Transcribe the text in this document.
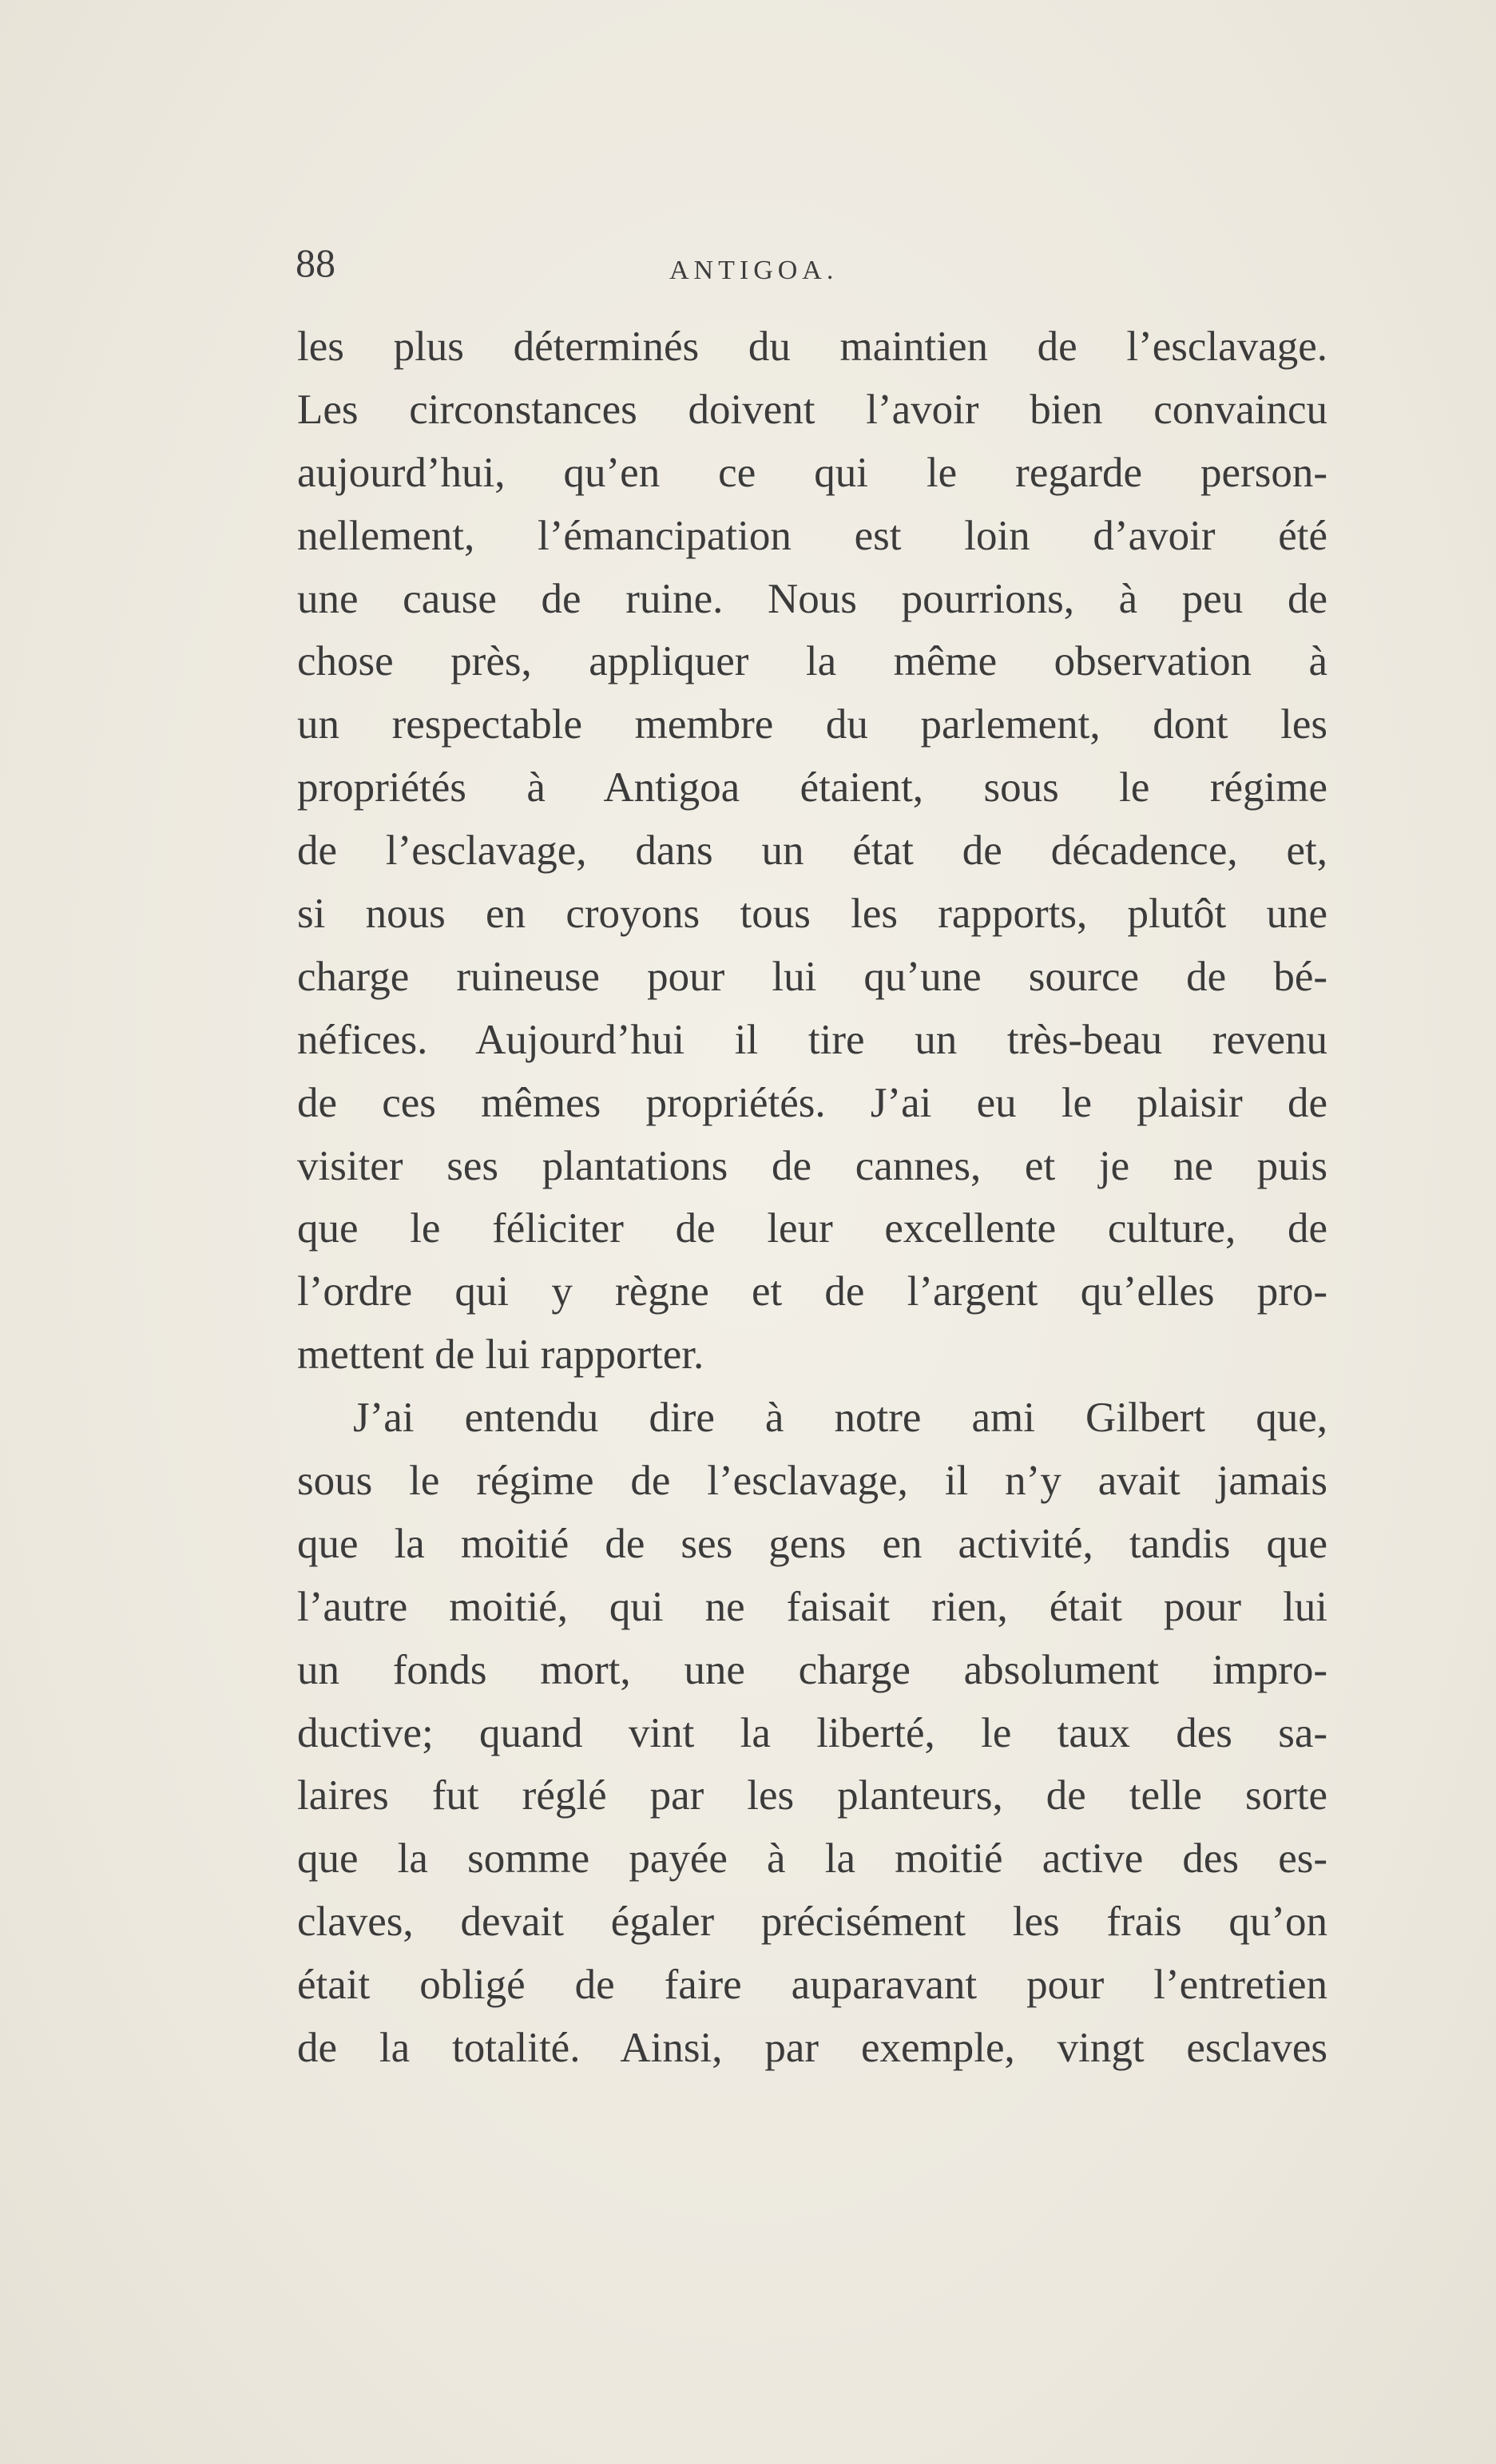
88	ANTIGOA.
les plus déterminés du maintien de l’esclavage.
Les circonstances doivent l’avoir bien convaincu
aujourd’hui, qu’en ce qui le regarde person-
nellement, l’émancipation est loin d’avoir été
une cause de ruine. Nous pourrions, à peu de
chose près, appliquer la même observation à
un respectable membre du parlement, dont les
propriétés à Antigoa étaient, sous le régime
de l’esclavage, dans un état de décadence, et,
si nous en croyons tous les rapports, plutôt une
charge ruineuse pour lui qu’une source de bé-
néfices. Aujourd’hui il tire un très-beau revenu
de ces mêmes propriétés. J’ai eu le plaisir de
visiter ses plantations de cannes, et je ne puis
que le féliciter de leur excellente culture, de
l’ordre qui y règne et de l’argent qu’elles pro-
mettent de lui rapporter.
J’ai entendu dire à notre ami Gilbert que,
sous le régime de l’esclavage, il n’y avait jamais
que la moitié de ses gens en activité, tandis que
l’autre moitié, qui ne faisait rien, était pour lui
un fonds mort, une charge absolument impro-
ductive; quand vint la liberté, le taux des sa-
laires fut réglé par les planteurs, de telle sorte
que la somme payée à la moitié active des es-
claves, devait égaler précisément les frais qu’on
était obligé de faire auparavant pour l’entretien
de la totalité. Ainsi, par exemple, vingt esclaves
